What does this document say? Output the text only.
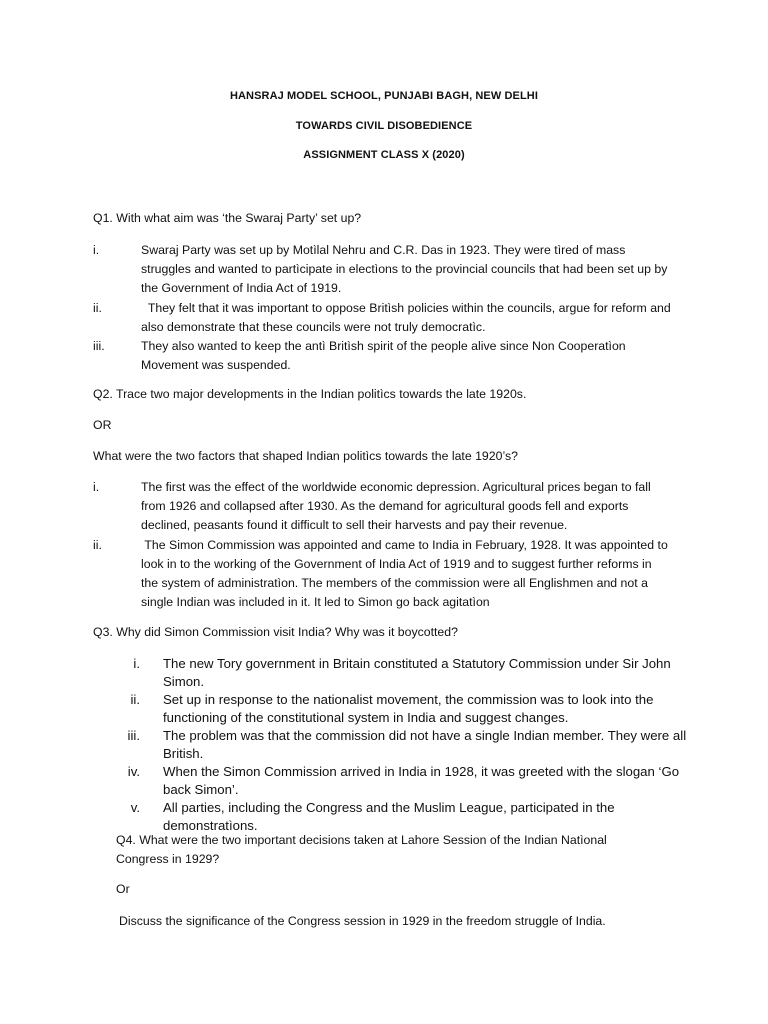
HANSRAJ MODEL SCHOOL, PUNJABI BAGH, NEW DELHI
TOWARDS CIVIL DISOBEDIENCE
ASSIGNMENT CLASS X (2020)
Q1. With what aim was ‘the Swaraj Party’ set up?
i.	Swaraj Party was set up by Motìlal Nehru and C.R. Das in 1923. They were tìred of mass struggles and wanted to partìcipate in electìons to the provincial councils that had been set up by the Government of India Act of 1919.
ii.	They felt that it was important to oppose Britìsh policies within the councils, argue for reform and also demonstrate that these councils were not truly democratìc.
iii.	They also wanted to keep the antì Britìsh spirit of the people alive since Non Cooperatìon Movement was suspended.
Q2. Trace two major developments in the Indian politìcs towards the late 1920s.
OR
What were the two factors that shaped Indian politìcs towards the late 1920’s?
i.	The first was the effect of the worldwide economic depression. Agricultural prices began to fall from 1926 and collapsed after 1930. As the demand for agricultural goods fell and exports declined, peasants found it difficult to sell their harvests and pay their revenue.
ii.	The Simon Commission was appointed and came to India in February, 1928. It was appointed to look in to the working of the Government of India Act of 1919 and to suggest further reforms in the system of administratìon. The members of the commission were all Englishmen and not a single Indian was included in it. It led to Simon go back agitatìon
Q3. Why did Simon Commission visit India? Why was it boycotted?
i. The new Tory government in Britain constituted a Statutory Commission under Sir John Simon.
ii. Set up in response to the nationalist movement, the commission was to look into the functioning of the constitutional system in India and suggest changes.
iii. The problem was that the commission did not have a single Indian member. They were all British.
iv. When the Simon Commission arrived in India in 1928, it was greeted with the slogan ‘Go back Simon’.
v. All parties, including the Congress and the Muslim League, participated in the demonstratìons.
Q4. What were the two important decisions taken at Lahore Session of the Indian Natìonal
Congress in 1929?
Or
Discuss the significance of the Congress session in 1929 in the freedom struggle of India.
